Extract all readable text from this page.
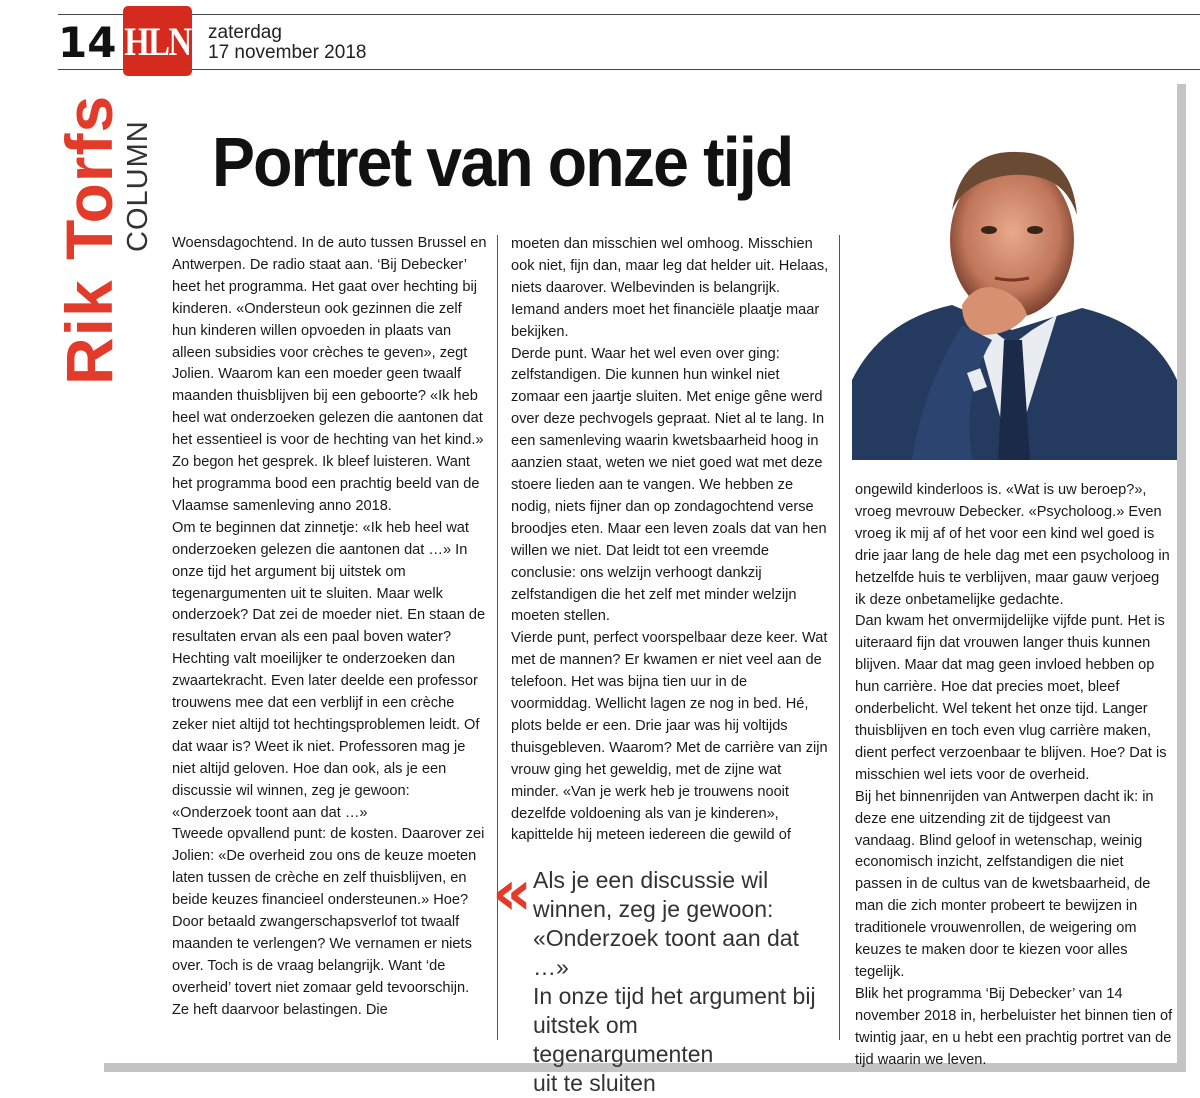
14 HLN zaterdag
17 november 2018
Rik Torfs
COLUMN Portret van onze tijd

Woensdagochtend. In de auto tussen Brussel en Antwerpen. De radio staat aan. ‘Bij Debecker’ heet het programma. Het gaat over hechting bij kinderen. «Ondersteun ook gezinnen die zelf hun kinderen willen opvoeden in plaats van alleen subsidies voor crèches te geven», zegt Jolien. Waarom kan een moeder geen twaalf maanden thuisblijven bij een geboorte? «Ik heb heel wat onderzoeken gelezen die aantonen dat het essentieel is voor de hechting van het kind.» Zo begon het gesprek. Ik bleef luisteren. Want het programma bood een prachtig beeld van de Vlaamse samenleving anno 2018.

Om te beginnen dat zinnetje: «Ik heb heel wat onderzoeken gelezen die aantonen dat …» In onze tijd het argument bij uitstek om tegenargumenten uit te sluiten. Maar welk onderzoek? Dat zei de moeder niet. En staan de resultaten ervan als een paal boven water? Hechting valt moeilijker te onderzoeken dan zwaartekracht. Even later deelde een professor trouwens mee dat een verblijf in een crèche zeker niet altijd tot hechtingsproblemen leidt. Of dat waar is? Weet ik niet. Professoren mag je niet altijd geloven. Hoe dan ook, als je een discussie wil winnen, zeg je gewoon: «Onderzoek toont aan dat …»

Tweede opvallend punt: de kosten. Daarover zei Jolien: «De overheid zou ons de keuze moeten laten tussen de crèche en zelf thuisblijven, en beide keuzes financieel ondersteunen.» Hoe? Door betaald zwangerschapsverlof tot twaalf maanden te verlengen? We vernamen er niets over. Toch is de vraag belangrijk. Want ‘de overheid’ tovert niet zomaar geld tevoorschijn. Ze heft daarvoor belastingen. Die

moeten dan misschien wel omhoog. Misschien ook niet, fijn dan, maar leg dat helder uit. Helaas, niets daarover. Welbevinden is belangrijk. Iemand anders moet het financiële plaatje maar bekijken.

Derde punt. Waar het wel even over ging: zelfstandigen. Die kunnen hun winkel niet zomaar een jaartje sluiten. Met enige gêne werd over deze pechvogels gepraat. Niet al te lang. In een samenleving waarin kwetsbaarheid hoog in aanzien staat, weten we niet goed wat met deze stoere lieden aan te vangen. We hebben ze nodig, niets fijner dan op zondagochtend verse broodjes eten. Maar een leven zoals dat van hen willen we niet. Dat leidt tot een vreemde conclusie: ons welzijn verhoogt dankzij zelfstandigen die het zelf met minder welzijn moeten stellen.

Vierde punt, perfect voorspelbaar deze keer. Wat met de mannen? Er kwamen er niet veel aan de telefoon. Het was bijna tien uur in de voormiddag. Wellicht lagen ze nog in bed. Hé, plots belde er een. Drie jaar was hij voltijds thuisgebleven. Waarom? Met de carrière van zijn vrouw ging het geweldig, met de zijne wat minder. «Van je werk heb je trouwens nooit dezelfde voldoening als van je kinderen», kapittelde hij meteen iedereen die gewild of

ongewild kinderloos is. «Wat is uw beroep?», vroeg mevrouw Debecker. «Psycholoog.» Even vroeg ik mij af of het voor een kind wel goed is drie jaar lang de hele dag met een psycholoog in hetzelfde huis te verblijven, maar gauw verjoeg ik deze onbetamelijke gedachte.

Dan kwam het onvermijdelijke vijfde punt. Het is uiteraard fijn dat vrouwen langer thuis kunnen blijven. Maar dat mag geen invloed hebben op hun carrière. Hoe dat precies moet, bleef onderbelicht. Wel tekent het onze tijd. Langer thuisblijven en toch even vlug carrière maken, dient perfect verzoenbaar te blijven. Hoe? Dat is misschien wel iets voor de overheid.

Bij het binnenrijden van Antwerpen dacht ik: in deze ene uitzending zit de tijdgeest van vandaag. Blind geloof in wetenschap, weinig economisch inzicht, zelfstandigen die niet passen in de cultus van de kwetsbaarheid, de man die zich monter probeert te bewijzen in traditionele vrouwenrollen, de weigering om keuzes te maken door te kiezen voor alles tegelijk.

Blik het programma ‘Bij Debecker’ van 14 november 2018 in, herbeluister het binnen tien of twintig jaar, en u hebt een prachtig portret van de tijd waarin we leven.

« Als je een discussie wil
winnen, zeg je gewoon:
«Onderzoek toont aan dat …»
In onze tijd het argument bij
uitstek om tegenargumenten
uit te sluiten
